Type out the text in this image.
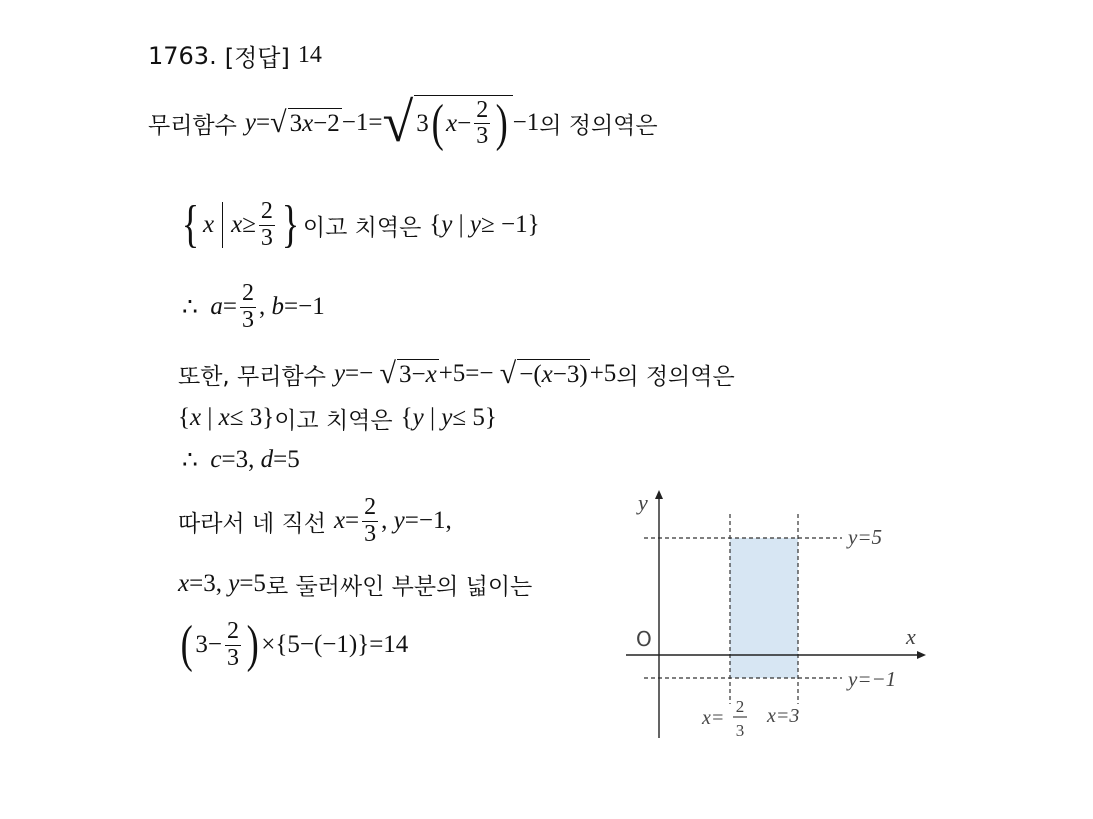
1763. [정답] 14
무리함수 y = √ 3 x −2 −1= √ 3 ( $x - \frac{2}{3}$ ) −1 의 정의역은
{ x $x \ge \frac{2}{3}$ } 이고 치역은 { y | y ≥ −1}
∴ $a = \frac{2}{3}$ , b =−1
또한, 무리함수 y =− √ 3− x +5=− √ −( x −3) +5 의 정의역은
{ x | x ≤ 3} 이고 치역은 { y | y ≤ 5}
∴ c =3, d =5
따라서 네 직선 $x = \frac{2}{3}$ , y =−1,
x =3, y =5 로 둘러싸인 부분의 넓이는
( $3- \frac{2}{3}$ ) ×{5−(−1)}=14
y
x
O
y=5
y=−1
x=
2
3
x=3
